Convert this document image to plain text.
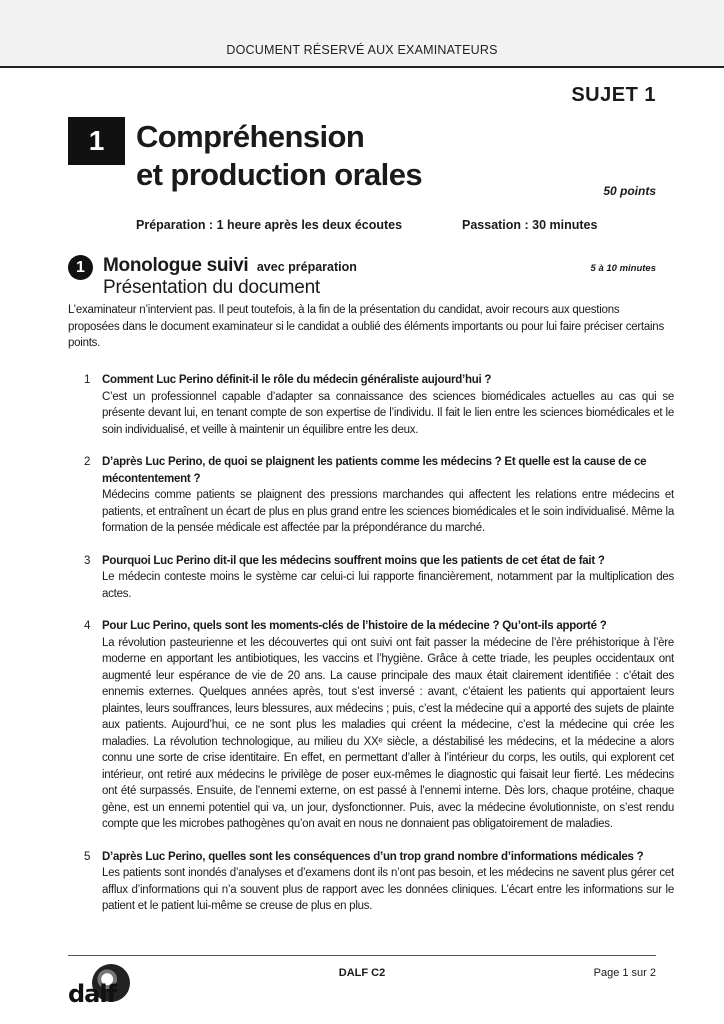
DOCUMENT RÉSERVÉ AUX EXAMINATEURS
SUJET 1
1	Compréhension
et production orales	50 points
Préparation : 1 heure après les deux écoutes	Passation : 30 minutes
1 Monologue suivi avec préparation	5 à 10 minutes
Présentation du document

L’examinateur n’intervient pas. Il peut toutefois, à la fin de la présentation du candidat, avoir recours aux questions proposées dans le document examinateur si le candidat a oublié des éléments importants ou pour lui faire préciser certains points.

1 Comment Luc Perino définit-il le rôle du médecin généraliste aujourd’hui ?
C’est un professionnel capable d’adapter sa connaissance des sciences biomédicales actuelles au cas qui se présente devant lui, en tenant compte de son expertise de l’individu. Il fait le lien entre les sciences biomédicales et le soin individualisé, et veille à maintenir un équilibre entre les deux.
2 D’après Luc Perino, de quoi se plaignent les patients comme les médecins ? Et quelle est la cause de ce mécontentement ?
Médecins comme patients se plaignent des pressions marchandes qui affectent les relations entre médecins et patients, et entraînent un écart de plus en plus grand entre les sciences biomédicales et le soin individualisé. Même la formation de la pensée médicale est affectée par la prépondérance du marché.
3 Pourquoi Luc Perino dit-il que les médecins souffrent moins que les patients de cet état de fait ?
Le médecin conteste moins le système car celui-ci lui rapporte financièrement, notamment par la multiplication des actes.
4 Pour Luc Perino, quels sont les moments-clés de l’histoire de la médecine ? Qu’ont-ils apporté ?
La révolution pasteurienne et les découvertes qui ont suivi ont fait passer la médecine de l’ère préhistorique à l’ère moderne en apportant les antibiotiques, les vaccins et l’hygiène. Grâce à cette triade, les peuples occidentaux ont augmenté leur espérance de vie de 20 ans. La cause principale des maux était clairement identifiée : c’était des ennemis externes. Quelques années après, tout s’est inversé : avant, c’étaient les patients qui apportaient leurs plaintes, leurs souffrances, leurs blessures, aux médecins ; puis, c’est la médecine qui a apporté des sujets de plainte aux patients. Aujourd’hui, ce ne sont plus les maladies qui créent la médecine, c’est la médecine qui crée les maladies. La révolution technologique, au milieu du XXᵉ siècle, a déstabilisé les médecins, et la médecine a alors connu une sorte de crise identitaire. En effet, en permettant d’aller à l’intérieur du corps, les outils, qui explorent cet intérieur, ont retiré aux médecins le privilège de poser eux-mêmes le diagnostic qui faisait leur fierté. Les médecins ont été surpassés. Ensuite, de l’ennemi externe, on est passé à l’ennemi interne. Dès lors, chaque protéine, chaque gène, est un ennemi potentiel qui va, un jour, dysfonctionner. Puis, avec la médecine évolutionniste, on s’est rendu compte que les microbes pathogènes qu’on avait en nous ne donnaient pas obligatoirement de maladies.
5 D’après Luc Perino, quelles sont les conséquences d’un trop grand nombre d’informations médicales ?
Les patients sont inondés d’analyses et d’examens dont ils n’ont pas besoin, et les médecins ne savent plus gérer cet afflux d’informations qui n’a souvent plus de rapport avec les données cliniques. L’écart entre les informations sur le patient et le patient lui-même se creuse de plus en plus.
dalf
DALF C2	Page 1 sur 2
